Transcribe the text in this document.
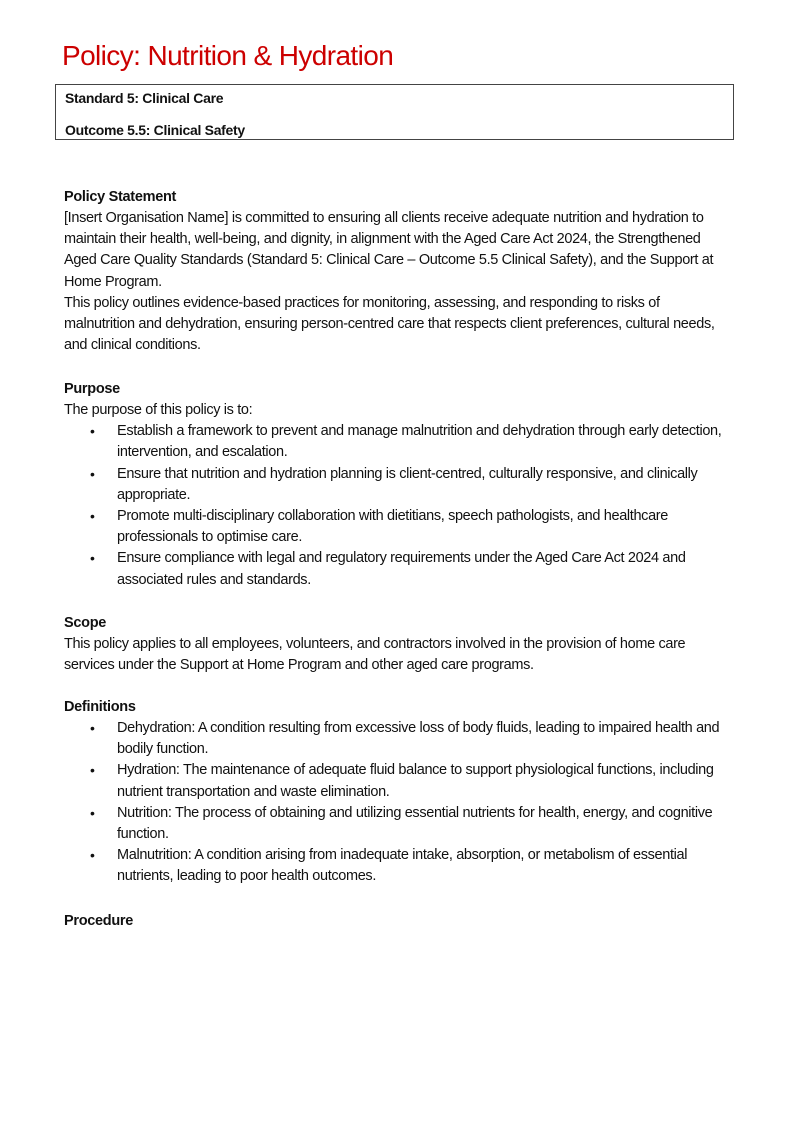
Policy: Nutrition & Hydration
Standard 5: Clinical Care
Outcome 5.5: Clinical Safety
Policy Statement
[Insert Organisation Name] is committed to ensuring all clients receive adequate nutrition and hydration to maintain their health, well-being, and dignity, in alignment with the Aged Care Act 2024, the Strengthened Aged Care Quality Standards (Standard 5: Clinical Care – Outcome 5.5 Clinical Safety), and the Support at Home Program.
This policy outlines evidence-based practices for monitoring, assessing, and responding to risks of malnutrition and dehydration, ensuring person-centred care that respects client preferences, cultural needs, and clinical conditions.
Purpose
The purpose of this policy is to:
• Establish a framework to prevent and manage malnutrition and dehydration through early detection, intervention, and escalation.
• Ensure that nutrition and hydration planning is client-centred, culturally responsive, and clinically appropriate.
• Promote multi-disciplinary collaboration with dietitians, speech pathologists, and healthcare professionals to optimise care.
• Ensure compliance with legal and regulatory requirements under the Aged Care Act 2024 and associated rules and standards.
Scope
This policy applies to all employees, volunteers, and contractors involved in the provision of home care services under the Support at Home Program and other aged care programs.
Definitions
• Dehydration: A condition resulting from excessive loss of body fluids, leading to impaired health and bodily function.
• Hydration: The maintenance of adequate fluid balance to support physiological functions, including nutrient transportation and waste elimination.
• Nutrition: The process of obtaining and utilizing essential nutrients for health, energy, and cognitive function.
• Malnutrition: A condition arising from inadequate intake, absorption, or metabolism of essential nutrients, leading to poor health outcomes.
Procedure
